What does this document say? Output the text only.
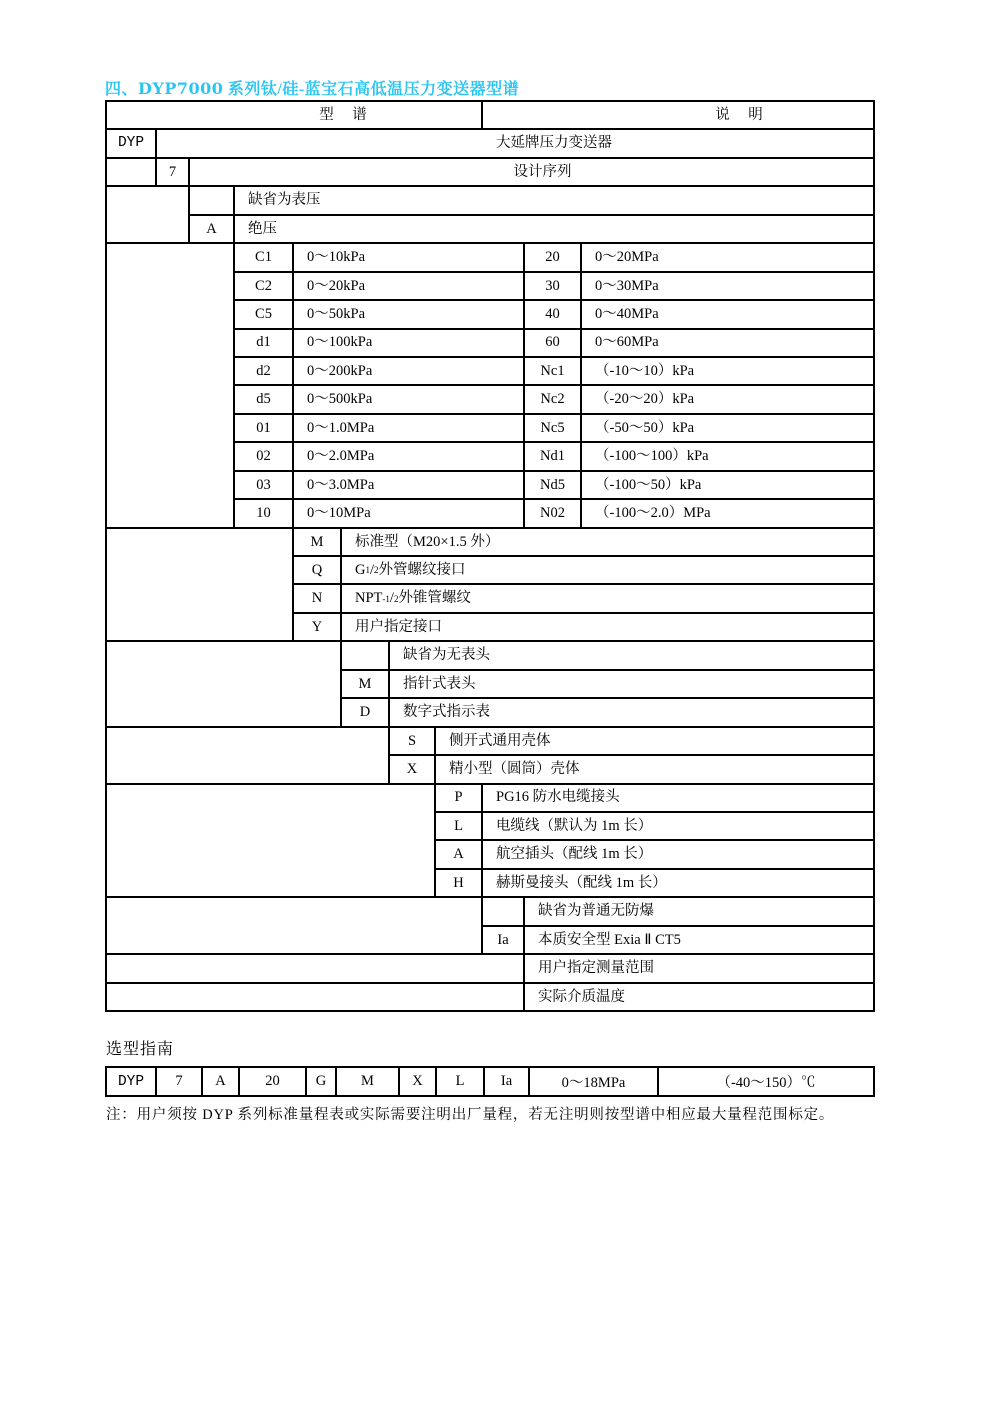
四、DYP7000 系列钛/硅-蓝宝石高低温压力变送器型谱
型　谱	说　明
DYP	大延牌压力变送器
7	设计序列
缺省为表压
A	绝压
C1	0～10kPa	20	0～20MPa
C2	0～20kPa	30	0～30MPa
C5	0～50kPa	40	0～40MPa
d1	0～100kPa	60	0～60MPa
d2	0～200kPa	Nc1	（-10～10）kPa
d5	0～500kPa	Nc2	（-20～20）kPa
01	0～1.0MPa	Nc5	（-50～50）kPa
02	0～2.0MPa	Nd1	（-100～100）kPa
03	0～3.0MPa	Nd5	（-100～50）kPa
10	0～10MPa	N02	（-100～2.0）MPa
M	标准型（M20×1.5 外）
Q	G 1 / 2 外管螺纹接口
N	NPT -1 / 2 外锥管螺纹
Y	用户指定接口
缺省为无表头
M	指针式表头
D	数字式指示表
S	侧开式通用壳体
X	精小型（圆筒）壳体
P	PG16 防水电缆接头
L	电缆线（默认为 1m 长）
A	航空插头（配线 1m 长）
H	赫斯曼接头（配线 1m 长）
缺省为普通无防爆
Ia	本质安全型 Exia Ⅱ CT5
用户指定测量范围
实际介质温度
选型指南
DYP	7	A	20	G	M	X	L	Ia	0～18MPa	（-40～150）℃
注：用户须按 DYP 系列标准量程表或实际需要注明出厂量程，若无注明则按型谱中相应最大量程范围标定。
